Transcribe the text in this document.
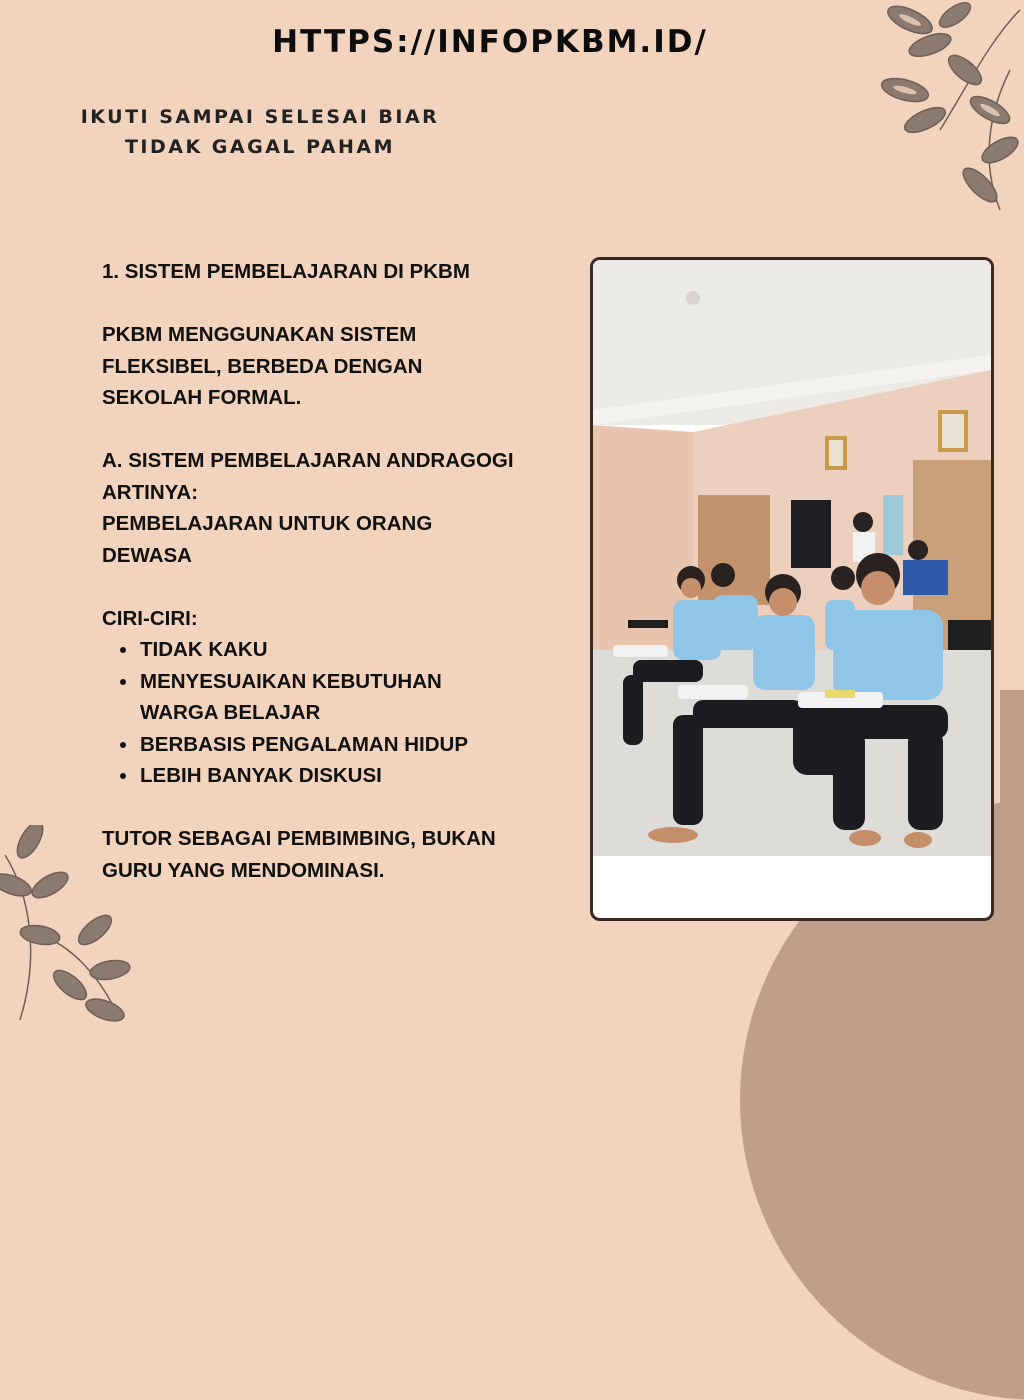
HTTPS://INFOPKBM.ID/
IKUTI SAMPAI SELESAI BIAR
TIDAK GAGAL PAHAM

1. SISTEM PEMBELAJARAN DI PKBM

PKBM MENGGUNAKAN SISTEM

FLEKSIBEL, BERBEDA DENGAN

SEKOLAH FORMAL.

A. SISTEM PEMBELAJARAN ANDRAGOGI

ARTINYA:

PEMBELAJARAN UNTUK ORANG

DEWASA

CIRI-CIRI:

TIDAK KAKU
MENYESUAIKAN KEBUTUHAN
WARGA BELAJAR
BERBASIS PENGALAMAN HIDUP
LEBIH BANYAK DISKUSI

TUTOR SEBAGAI PEMBIMBING, BUKAN

GURU YANG MENDOMINASI.
